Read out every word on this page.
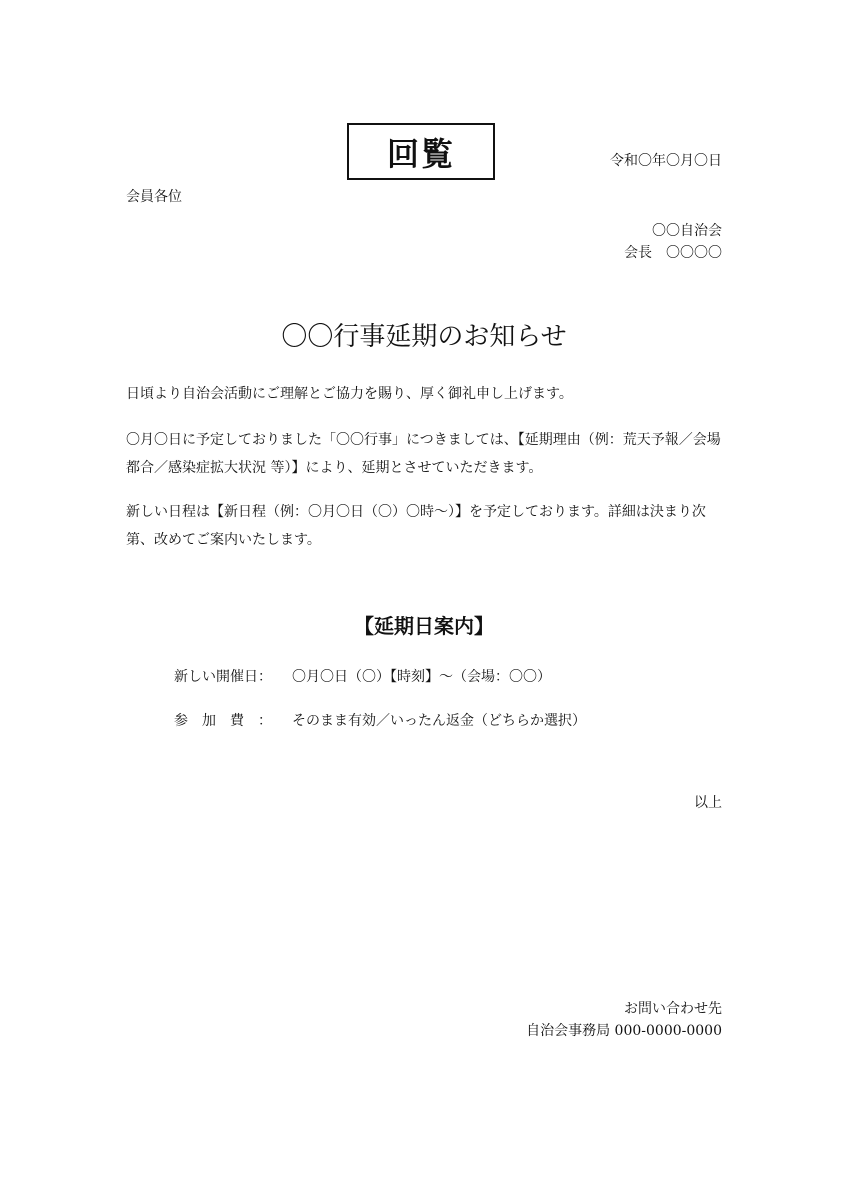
回覧	令和〇年〇月〇日
会員各位
〇〇自治会
会長　〇〇〇〇
〇〇行事延期のお知らせ
日頃より自治会活動にご理解とご協力を賜り、厚く御礼申し上げます。
〇月〇日に予定しておりました「〇〇行事」につきましては、【延期理由（例：荒天予報／会場都合／感染症拡大状況 等）】により、延期とさせていただきます。
新しい日程は【新日程（例：〇月〇日（〇）〇時～）】を予定しております。詳細は決まり次第、改めてご案内いたします。
【延期日案内】
新しい開催日：	〇月〇日（〇）【時刻】～（会場：〇〇）
参　加　費　：	そのまま有効／いったん返金（どちらか選択）
以上
お問い合わせ先
自治会事務局 000-0000-0000
